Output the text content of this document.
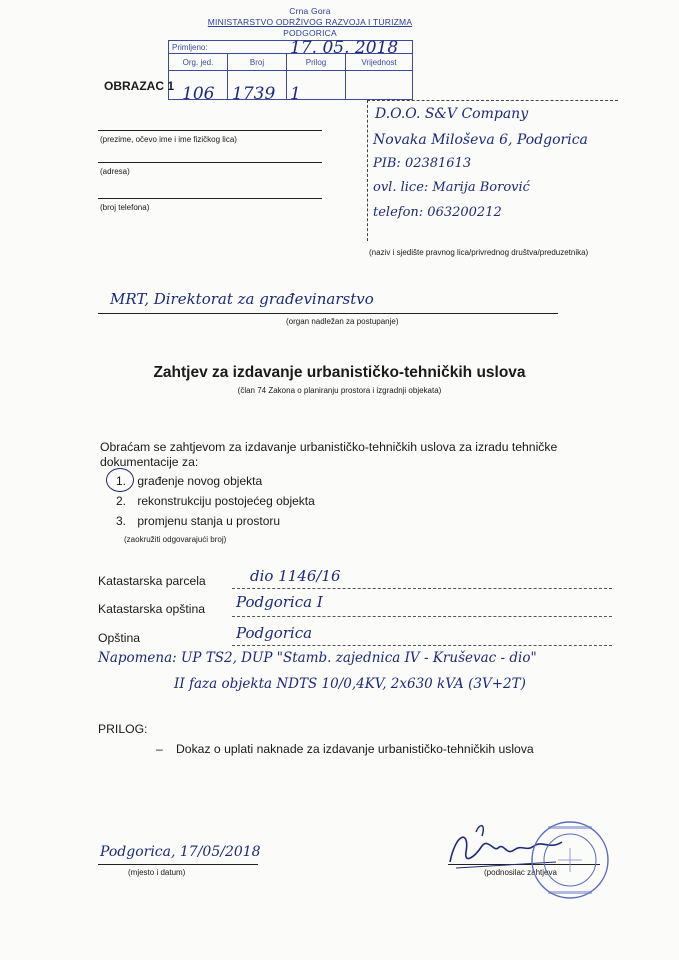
Crna Gora
MINISTARSTVO ODRŽIVOG RAZVOJA I TURIZMA
PODGORICA
Primljeno:			
Org. jed.	Broj	Prilog	Vrijednost

17. 05. 2018
106 1739 1
OBRAZAC 1
(prezime, očevo ime i ime fizičkog lica)
(adresa)
(broj telefona)
D.O.O. S&V Company
Novaka Miloševa 6, Podgorica
PIB: 02381613
ovl. lice: Marija Borović
telefon: 063200212
(naziv i sjedište pravnog lica/privrednog društva/preduzetnika)
MRT, Direktorat za građevinarstvo
(organ nadležan za postupanje)
Zahtjev za izdavanje urbanističko-tehničkih uslova
(član 74 Zakona o planiranju prostora i izgradnji objekata)
Obraćam se zahtjevom za izdavanje urbanističko-tehničkih uslova za izradu tehničke dokumentacije za:
1. građenje novog objekta
2. rekonstrukciju postojećeg objekta
3. promjenu stanja u prostoru
(zaokružiti odgovarajući broj)
Katastarska parcela	dio 1146/16
Katastarska opština Podgorica I
Opština	Podgorica
Napomena: UP TS2, DUP "Stamb. zajednica IV - Kruševac - dio"
II faza objekta NDTS 10/0,4KV, 2x630 kVA (3V+2T)
PRILOG:
– Dokaz o uplati naknade za izdavanje urbanističko-tehničkih uslova
Podgorica, 17/05/2018
(mjesto i datum)	(podnosilac zahtjeva
